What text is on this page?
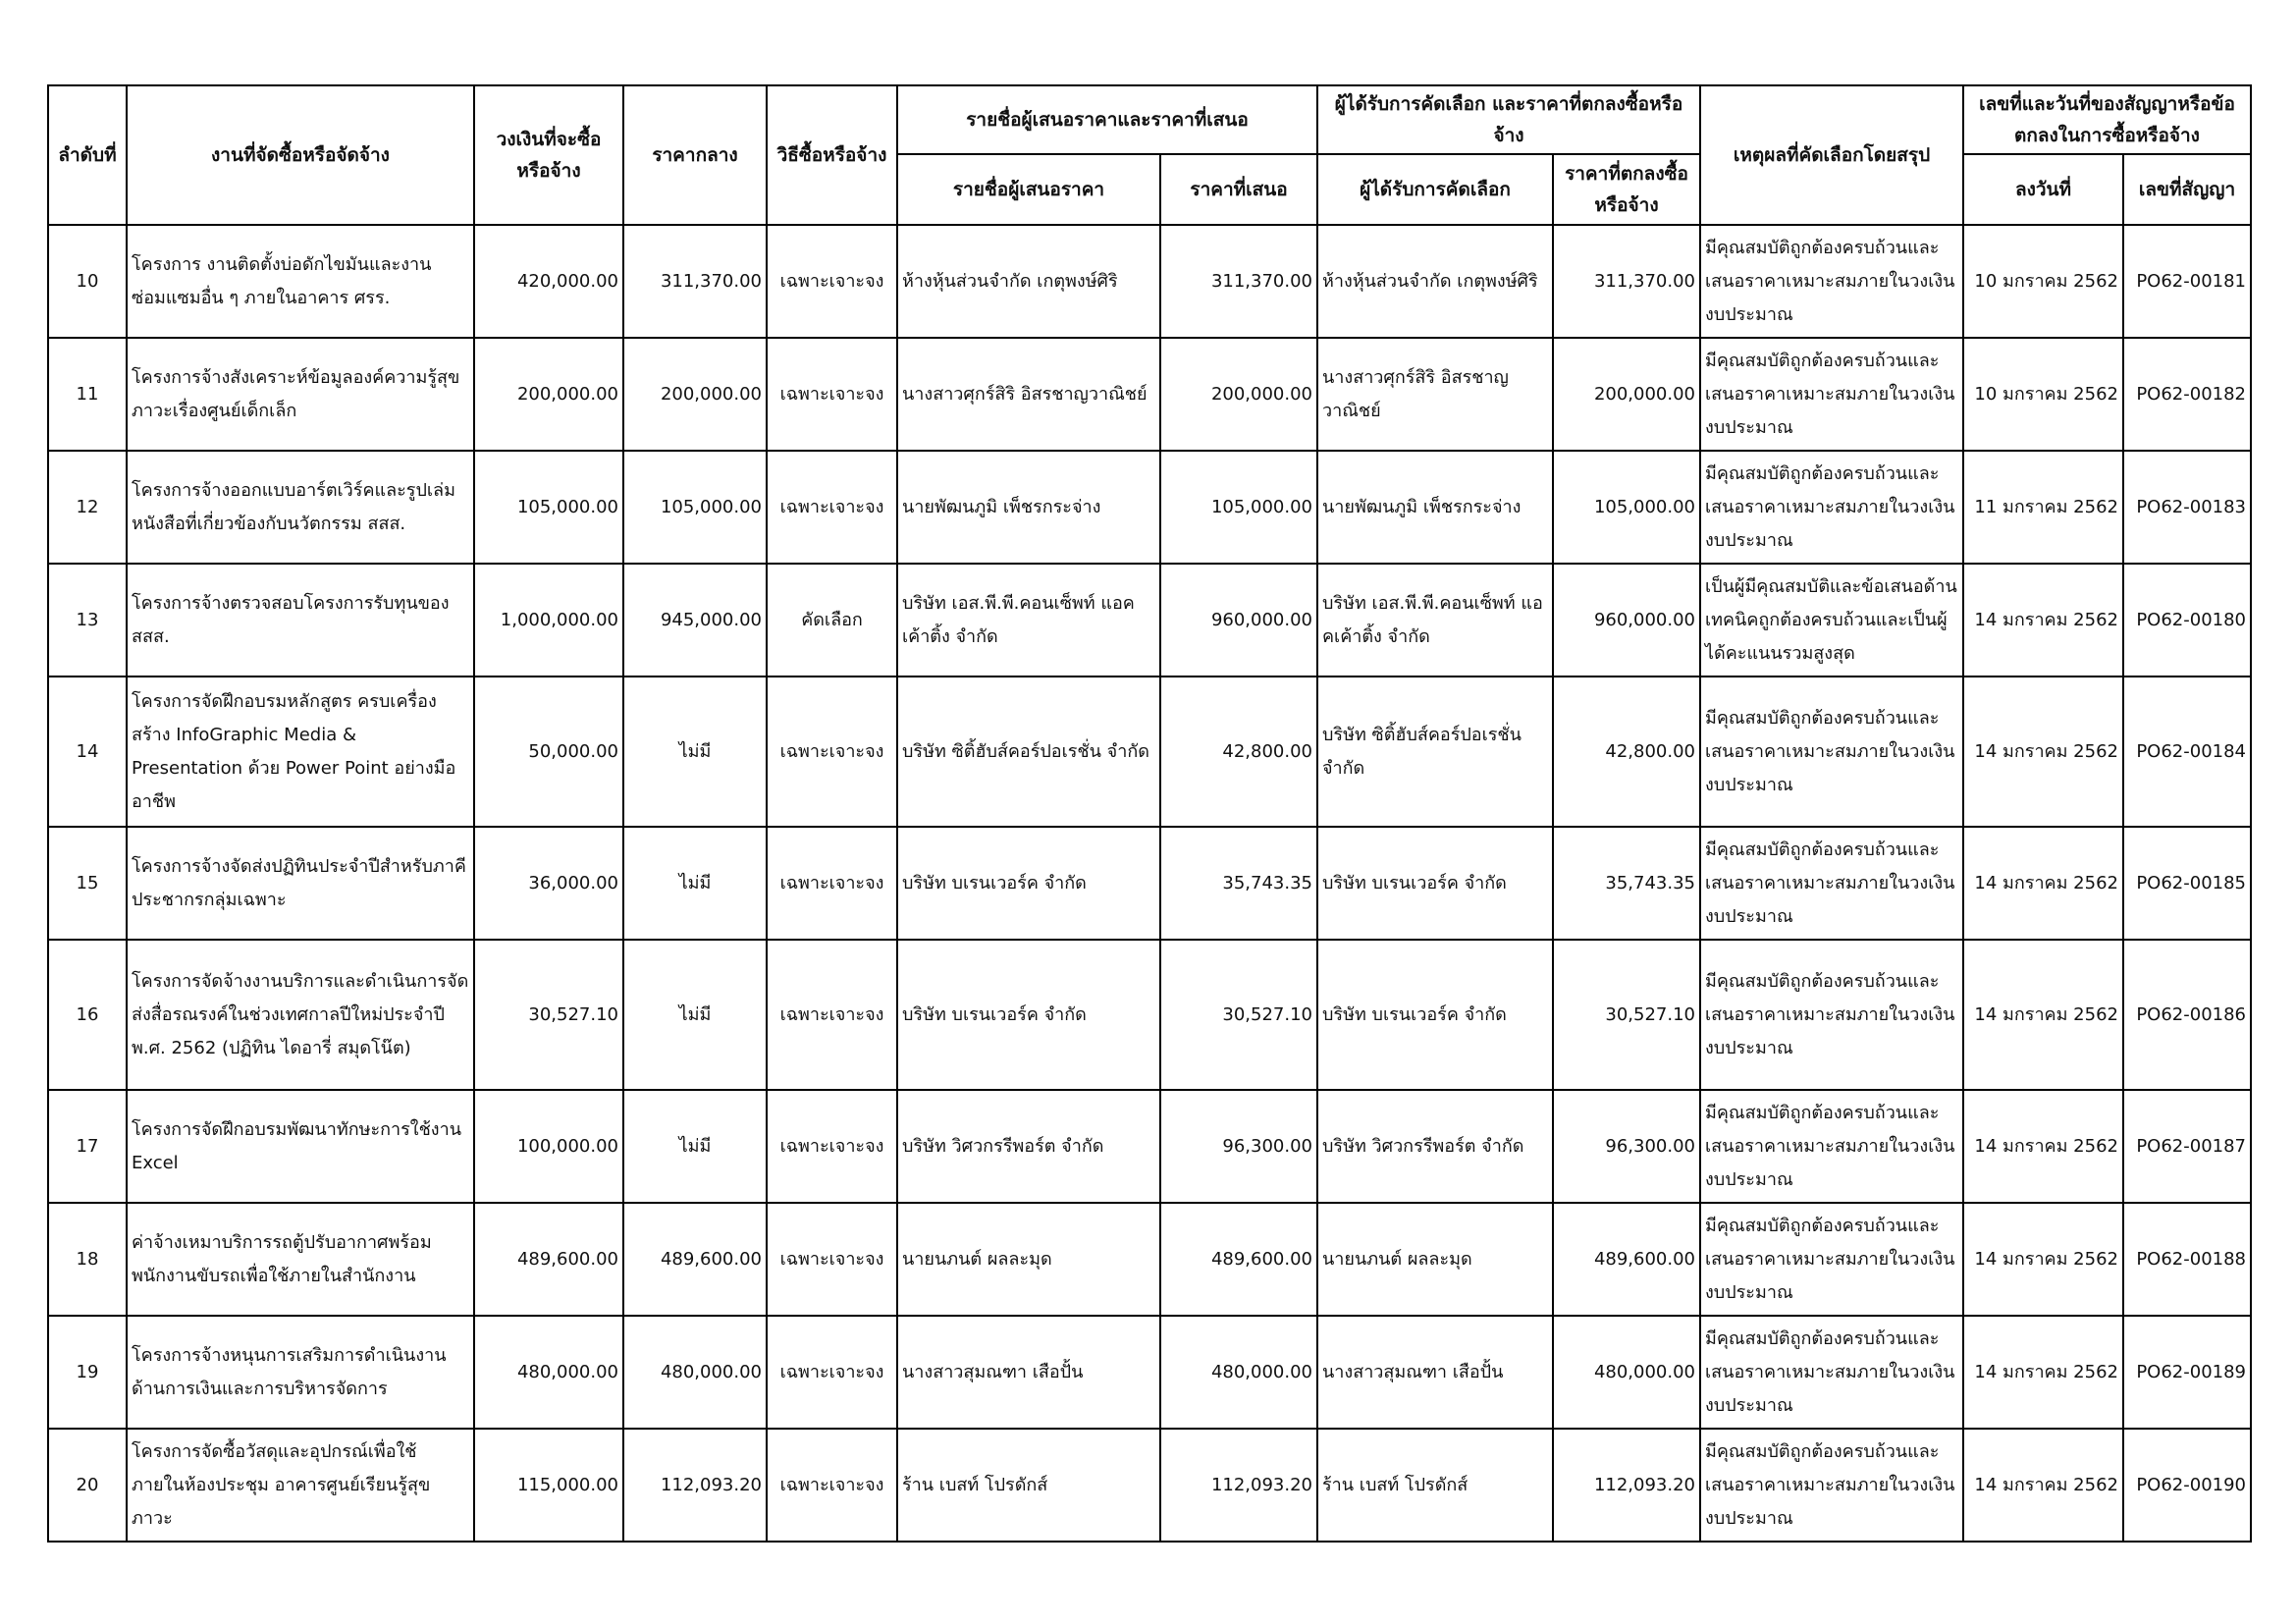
ลำดับที่	งานที่จัดซื้อหรือจัดจ้าง	วงเงินที่จะซื้อหรือจ้าง	ราคากลาง	วิธีซื้อหรือจ้าง	รายชื่อผู้เสนอราคาและราคาที่เสนอ		ผู้ได้รับการคัดเลือก และราคาที่ตกลงซื้อหรือจ้าง		เหตุผลที่คัดเลือกโดยสรุป	เลขที่และวันที่ของสัญญาหรือข้อตกลงในการซื้อหรือจ้าง	
					รายชื่อผู้เสนอราคา	ราคาที่เสนอ	ผู้ได้รับการคัดเลือก	ราคาที่ตกลงซื้อหรือจ้าง		ลงวันที่	เลขที่สัญญา
10	โครงการ งานติดตั้งบ่อดักไขมันและงานซ่อมแซมอื่น ๆ ภายในอาคาร ศรร.	420,000.00	311,370.00	เฉพาะเจาะจง	ห้างหุ้นส่วนจำกัด เกตุพงษ์ศิริ	311,370.00	ห้างหุ้นส่วนจำกัด เกตุพงษ์ศิริ	311,370.00	มีคุณสมบัติถูกต้องครบถ้วนและเสนอราคาเหมาะสมภายในวงเงินงบประมาณ	10 มกราคม 2562	PO62-00181
11	โครงการจ้างสังเคราะห์ข้อมูลองค์ความรู้สุขภาวะเรื่องศูนย์เด็กเล็ก	200,000.00	200,000.00	เฉพาะเจาะจง	นางสาวศุกร์สิริ อิสรชาญวาณิชย์	200,000.00	นางสาวศุกร์สิริ อิสรชาญวาณิชย์	200,000.00	มีคุณสมบัติถูกต้องครบถ้วนและเสนอราคาเหมาะสมภายในวงเงินงบประมาณ	10 มกราคม 2562	PO62-00182
12	โครงการจ้างออกแบบอาร์ตเวิร์คและรูปเล่มหนังสือที่เกี่ยวข้องกับนวัตกรรม สสส.	105,000.00	105,000.00	เฉพาะเจาะจง	นายพัฒนภูมิ เพ็ชรกระจ่าง	105,000.00	นายพัฒนภูมิ เพ็ชรกระจ่าง	105,000.00	มีคุณสมบัติถูกต้องครบถ้วนและเสนอราคาเหมาะสมภายในวงเงินงบประมาณ	11 มกราคม 2562	PO62-00183
13	โครงการจ้างตรวจสอบโครงการรับทุนของ สสส.	1,000,000.00	945,000.00	คัดเลือก	บริษัท เอส.พี.พี.คอนเซ็พท์ แอคเค้าติ้ง จำกัด	960,000.00	บริษัท เอส.พี.พี.คอนเซ็พท์ แอคเค้าติ้ง จำกัด	960,000.00	เป็นผู้มีคุณสมบัติและข้อเสนอด้านเทคนิคถูกต้องครบถ้วนและเป็นผู้ได้คะแนนรวมสูงสุด	14 มกราคม 2562	PO62-00180
14	โครงการจัดฝึกอบรมหลักสูตร ครบเครื่องสร้าง InfoGraphic Media & Presentation ด้วย Power Point อย่างมืออาชีพ	50,000.00	ไม่มี	เฉพาะเจาะจง	บริษัท ซิติ้ฮับส์คอร์ปอเรชั่น จำกัด	42,800.00	บริษัท ซิติ้ฮับส์คอร์ปอเรชั่น จำกัด	42,800.00	มีคุณสมบัติถูกต้องครบถ้วนและเสนอราคาเหมาะสมภายในวงเงินงบประมาณ	14 มกราคม 2562	PO62-00184
15	โครงการจ้างจัดส่งปฏิทินประจำปีสำหรับภาคีประชากรกลุ่มเฉพาะ	36,000.00	ไม่มี	เฉพาะเจาะจง	บริษัท บเรนเวอร์ค จำกัด	35,743.35	บริษัท บเรนเวอร์ค จำกัด	35,743.35	มีคุณสมบัติถูกต้องครบถ้วนและเสนอราคาเหมาะสมภายในวงเงินงบประมาณ	14 มกราคม 2562	PO62-00185
16	โครงการจัดจ้างงานบริการและดำเนินการจัดส่งสื่อรณรงค์ในช่วงเทศกาลปีใหม่ประจำปี พ.ศ. 2562 (ปฏิทิน ไดอารี่ สมุดโน๊ต)	30,527.10	ไม่มี	เฉพาะเจาะจง	บริษัท บเรนเวอร์ค จำกัด	30,527.10	บริษัท บเรนเวอร์ค จำกัด	30,527.10	มีคุณสมบัติถูกต้องครบถ้วนและเสนอราคาเหมาะสมภายในวงเงินงบประมาณ	14 มกราคม 2562	PO62-00186
17	โครงการจัดฝึกอบรมพัฒนาทักษะการใช้งาน Excel	100,000.00	ไม่มี	เฉพาะเจาะจง	บริษัท วิศวกรรีพอร์ต จำกัด	96,300.00	บริษัท วิศวกรรีพอร์ต จำกัด	96,300.00	มีคุณสมบัติถูกต้องครบถ้วนและเสนอราคาเหมาะสมภายในวงเงินงบประมาณ	14 มกราคม 2562	PO62-00187
18	ค่าจ้างเหมาบริการรถตู้ปรับอากาศพร้อมพนักงานขับรถเพื่อใช้ภายในสำนักงาน	489,600.00	489,600.00	เฉพาะเจาะจง	นายนภนต์ ผลละมุด	489,600.00	นายนภนต์ ผลละมุด	489,600.00	มีคุณสมบัติถูกต้องครบถ้วนและเสนอราคาเหมาะสมภายในวงเงินงบประมาณ	14 มกราคม 2562	PO62-00188
19	โครงการจ้างหนุนการเสริมการดำเนินงานด้านการเงินและการบริหารจัดการ	480,000.00	480,000.00	เฉพาะเจาะจง	นางสาวสุมณฑา เสือปั้น	480,000.00	นางสาวสุมณฑา เสือปั้น	480,000.00	มีคุณสมบัติถูกต้องครบถ้วนและเสนอราคาเหมาะสมภายในวงเงินงบประมาณ	14 มกราคม 2562	PO62-00189
20	โครงการจัดซื้อวัสดุและอุปกรณ์เพื่อใช้ภายในห้องประชุม อาคารศูนย์เรียนรู้สุขภาวะ	115,000.00	112,093.20	เฉพาะเจาะจง	ร้าน เบสท์ โปรดักส์	112,093.20	ร้าน เบสท์ โปรดักส์	112,093.20	มีคุณสมบัติถูกต้องครบถ้วนและเสนอราคาเหมาะสมภายในวงเงินงบประมาณ	14 มกราคม 2562	PO62-00190
